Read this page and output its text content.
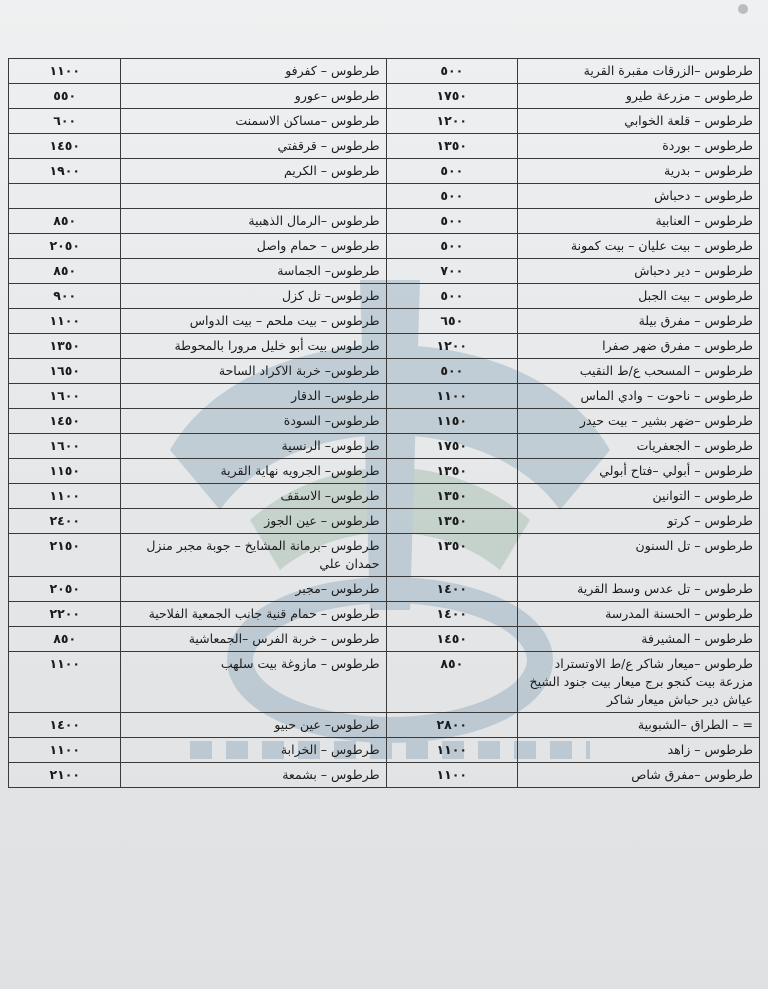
طرطوس –الزرقات مقبرة القرية	٥٠٠	طرطوس – كفرفو	١١٠٠
طرطوس – مزرعة طيرو	١٧٥٠	طرطوس –عورو	٥٥٠
طرطوس – قلعة الخوابي	١٢٠٠	طرطوس –مساكن الاسمنت	٦٠٠
طرطوس – بوردة	١٣٥٠	طرطوس – قرقفتي	١٤٥٠
طرطوس – بدرية	٥٠٠	طرطوس – الكريم	١٩٠٠
طرطوس – دحباش	٥٠٠		
طرطوس – العنابية	٥٠٠	طرطوس –الرمال الذهبية	٨٥٠
طرطوس – بيت عليان – بيت كمونة	٥٠٠	طرطوس – حمام واصل	٢٠٥٠
طرطوس – دير دحباش	٧٠٠	طرطوس– الجماسة	٨٥٠
طرطوس – بيت الجبل	٥٠٠	طرطوس– تل كزل	٩٠٠
طرطوس – مفرق بيلة	٦٥٠	طرطوس – بيت ملحم – بيت الدواس	١١٠٠
طرطوس – مفرق ضهر صفرا	١٢٠٠	طرطوس بيت أبو خليل مرورا بالمحوطة	١٣٥٠
طرطوس – المسحب ع/ط النقيب	٥٠٠	طرطوس– خربة الاكراد الساحة	١٦٥٠
طرطوس – ناحوت – وادي الماس	١١٠٠	طرطوس– الدقار	١٦٠٠
طرطوس –ضهر بشير – بيت حيدر	١١٥٠	طرطوس– السودة	١٤٥٠
طرطوس – الجعفريات	١٧٥٠	طرطوس– الرنسية	١٦٠٠
طرطوس – أبولي –فتاح أبولي	١٣٥٠	طرطوس– الجرويه نهاية القرية	١١٥٠
طرطوس – التوانين	١٣٥٠	طرطوس– الاسقف	١١٠٠
طرطوس – كرتو	١٣٥٠	طرطوس – عين الجوز	٢٤٠٠
طرطوس – تل السنون	١٣٥٠	طرطوس –برمانة المشايخ – جوبة مجبر منزل حمدان علي	٢١٥٠
طرطوس – تل عدس وسط القرية	١٤٠٠	طرطوس –مجبر	٢٠٥٠
طرطوس – الحسنة المدرسة	١٤٠٠	طرطوس – حمام قنية جانب الجمعية الفلاحية	٢٢٠٠
طرطوس – المشيرفة	١٤٥٠	طرطوس – خربة الفرس –الجمعاشية	٨٥٠
طرطوس –ميعار شاكر ع/ط الاوتستراد مزرعة بيت كنجو برج ميعار بيت جنود الشيخ عياش دير حباش ميعار شاكر	٨٥٠	طرطوس – مازوغة بيت سلهب	١١٠٠
= – الطراق –الشبوبية	٢٨٠٠	طرطوس– عين حبيو	١٤٠٠
طرطوس – زاهد	١١٠٠	طرطوس – الخرابة	١١٠٠
طرطوس –مفرق شاص	١١٠٠	طرطوس – بشمعة	٢١٠٠
